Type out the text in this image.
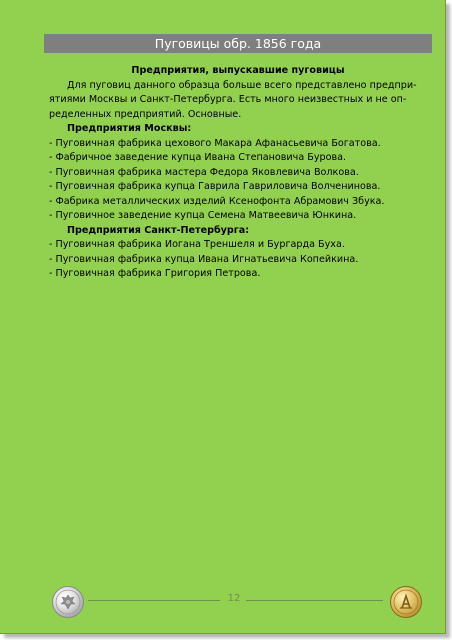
Пуговицы обр. 1856 года

Предприятия, выпускавшие пуговицы

Для пуговиц данного образца больше всего представлено предпри-
ятиями Москвы и Санкт-Петербурга. Есть много неизвестных и не оп-
ределенных предприятий. Основные.

Предприятия Москвы:

- Пуговичная фабрика цехового Макара Афанасьевича Богатова.
- Фабричное заведение купца Ивана Степановича Бурова.
- Пуговичная фабрика мастера Федора Яковлевича Волкова.
- Пуговичная фабрика купца Гаврила Гавриловича Волченинова.
- Фабрика металлических изделий Ксенофонта Абрамович Збука.
- Пуговичное заведение купца Семена Матвеевича Юнкина.

Предприятия Санкт-Петербурга:

- Пуговичная фабрика Иогана Треншеля и Бургарда Буха.
- Пуговичная фабрика купца Ивана Игнатьевича Копейкина.
- Пуговичная фабрика Григория Петрова.
12
